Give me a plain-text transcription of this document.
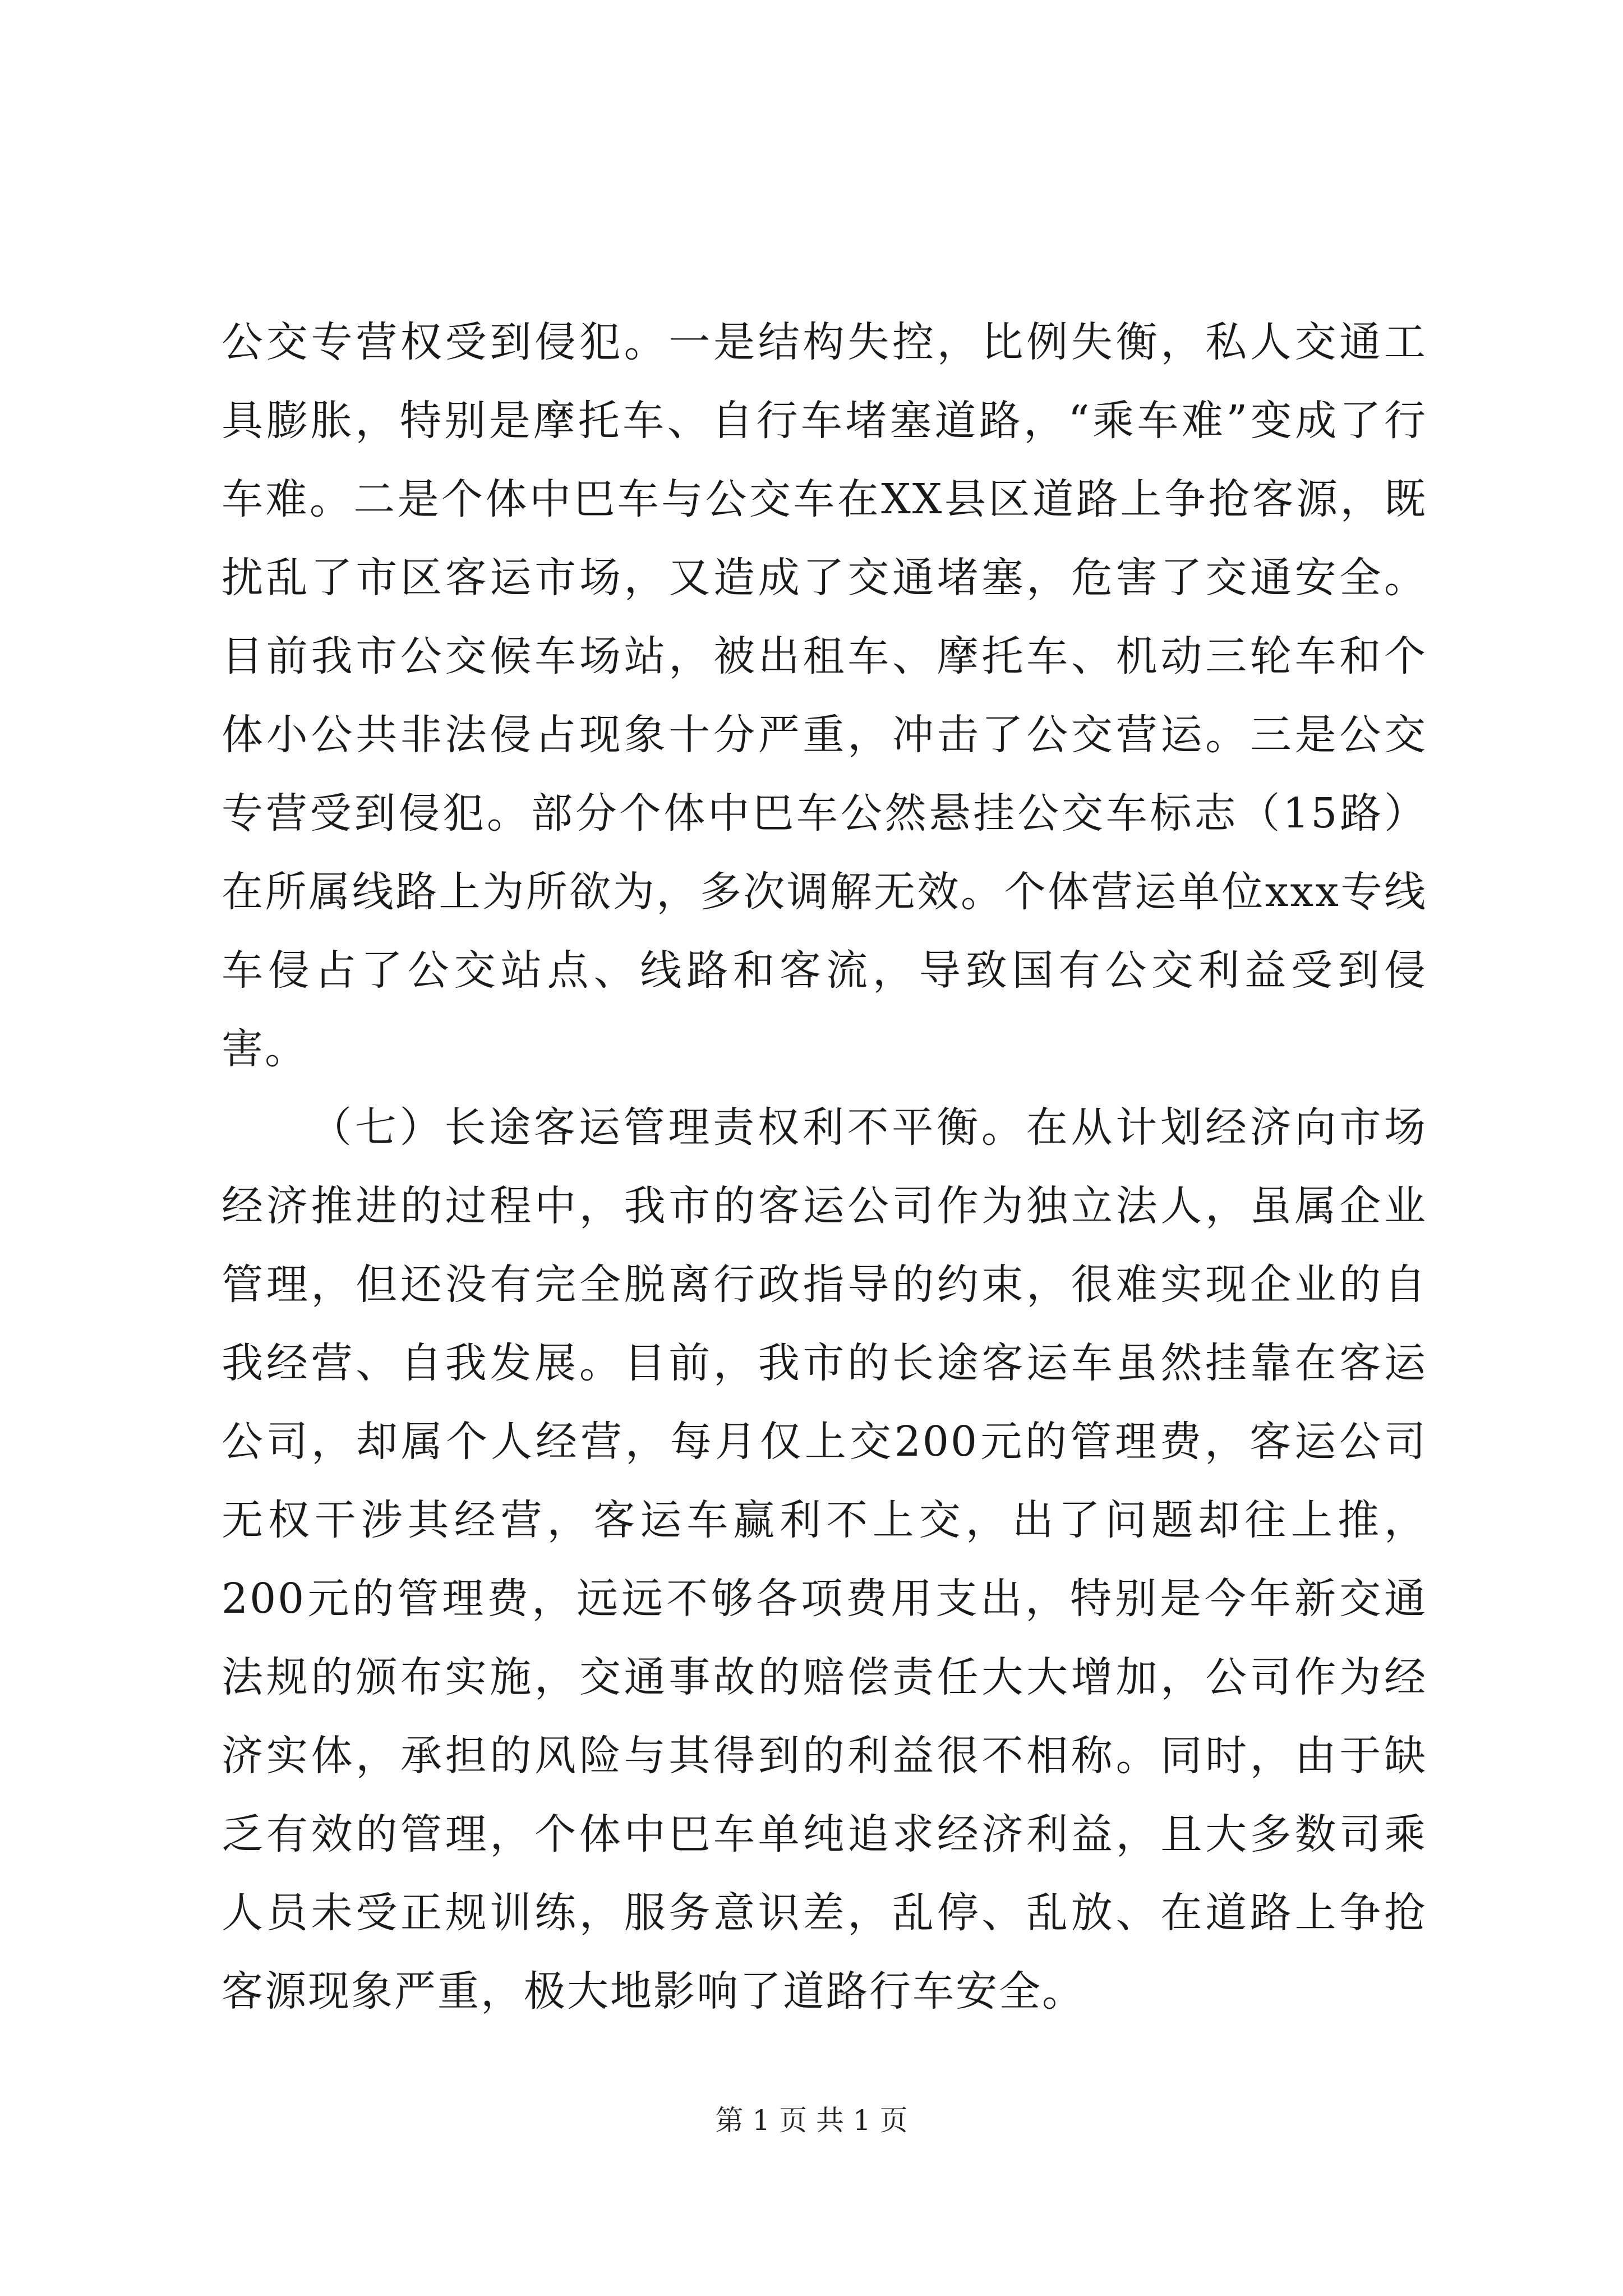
公交专营权受到侵犯。一是结构失控，比例失衡，私人交通工具膨胀，特别是摩托车、自行车堵塞道路，“乘车难”变成了行车难。二是个体中巴车与公交车在XX县区道路上争抢客源，既扰乱了市区客运市场，又造成了交通堵塞，危害了交通安全。目前我市公交候车场站，被出租车、摩托车、机动三轮车和个体小公共非法侵占现象十分严重，冲击了公交营运。三是公交专营受到侵犯。部分个体中巴车公然悬挂公交车标志（15路）在所属线路上为所欲为，多次调解无效。个体营运单位xxx专线车侵占了公交站点、线路和客流，导致国有公交利益受到侵害。

（七）长途客运管理责权利不平衡。在从计划经济向市场经济推进的过程中，我市的客运公司作为独立法人，虽属企业管理，但还没有完全脱离行政指导的约束，很难实现企业的自我经营、自我发展。目前，我市的长途客运车虽然挂靠在客运公司，却属个人经营，每月仅上交200元的管理费，客运公司无权干涉其经营，客运车赢利不上交，出了问题却往上推，200元的管理费，远远不够各项费用支出，特别是今年新交通法规的颁布实施，交通事故的赔偿责任大大增加，公司作为经济实体，承担的风险与其得到的利益很不相称。同时，由于缺乏有效的管理，个体中巴车单纯追求经济利益，且大多数司乘人员未受正规训练，服务意识差，乱停、乱放、在道路上争抢客源现象严重，极大地影响了道路行车安全。

第 1 页 共 1 页
